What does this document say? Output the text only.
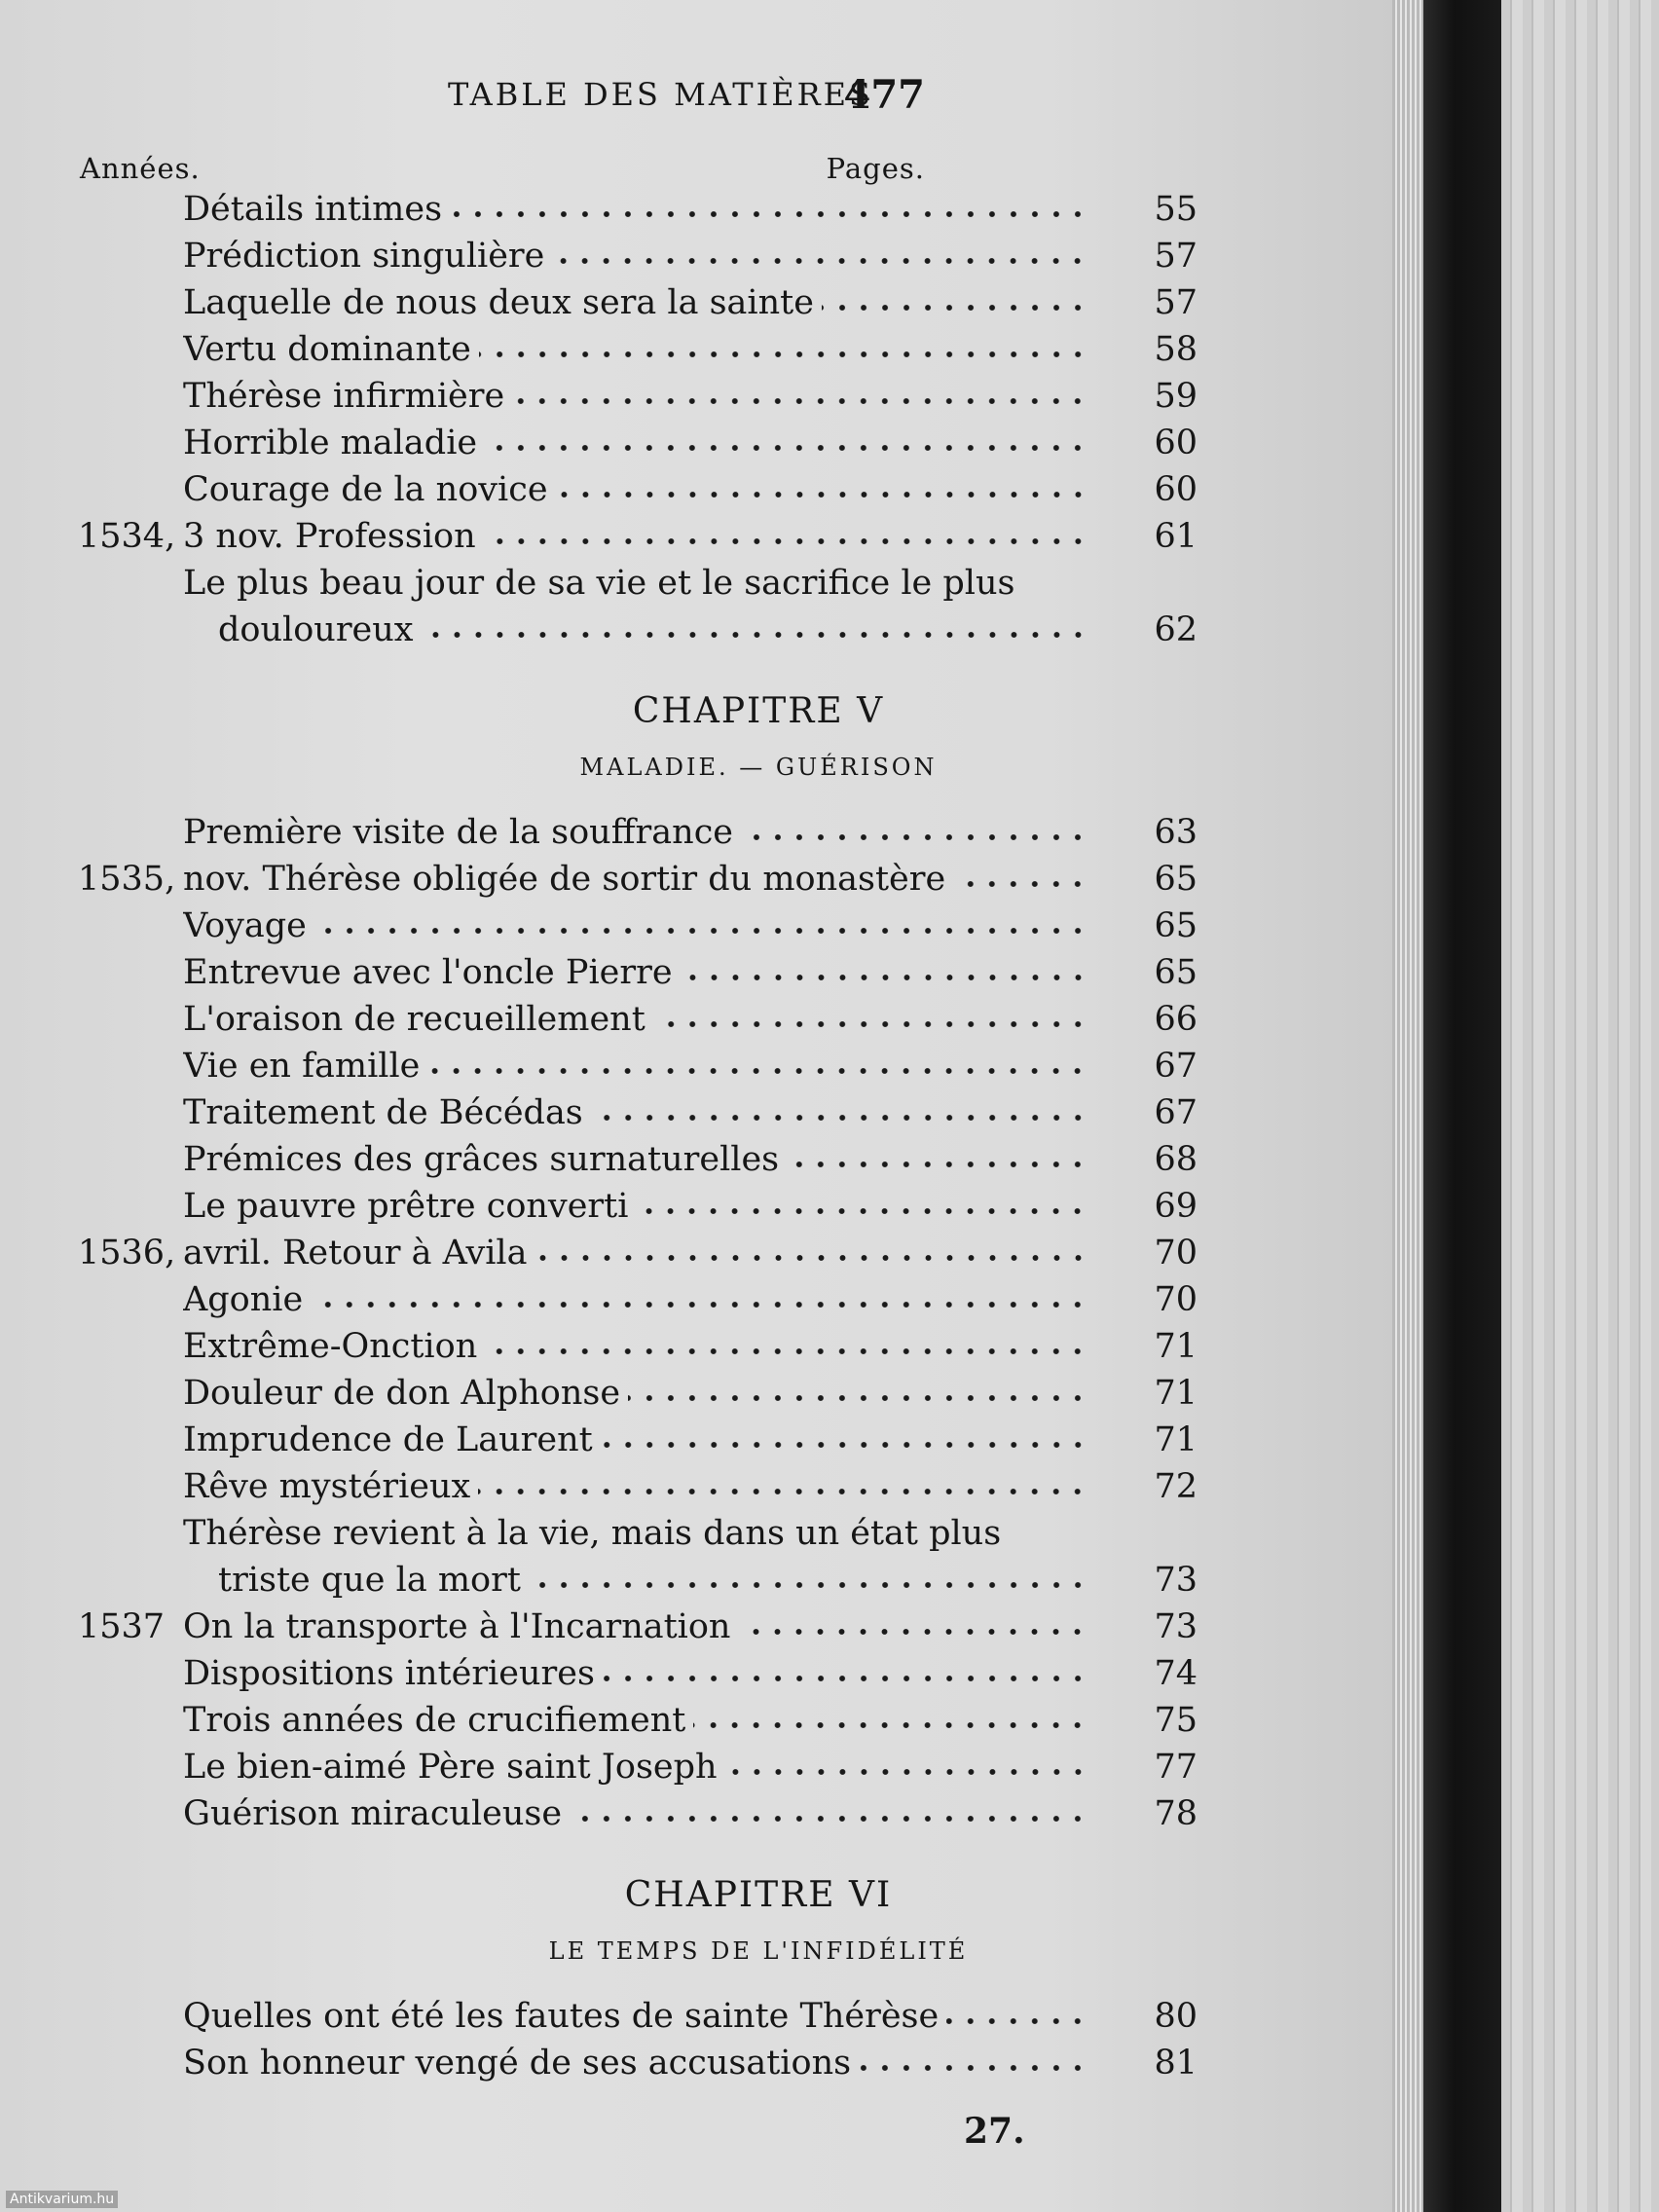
TABLE DES MATIÈRES
477
Années.	Pages.
Détails intimes	55
Prédiction singulière	57
Laquelle de nous deux sera la sainte	57
Vertu dominante	58
Thérèse infirmière	59
Horrible maladie	60
Courage de la novice	60
1534, 3 nov. Profession	61
Le plus beau jour de sa vie et le sacrifice le plus
douloureux	62
CHAPITRE V
MALADIE. — GUÉRISON
Première visite de la souffrance	63
1535, nov. Thérèse obligée de sortir du monastère	65
Voyage	65
Entrevue avec l'oncle Pierre	65
L'oraison de recueillement	66
Vie en famille	67
Traitement de Bécédas	67
Prémices des grâces surnaturelles	68
Le pauvre prêtre converti	69
1536, avril. Retour à Avila	70
Agonie	70
Extrême-Onction	71
Douleur de don Alphonse	71
Imprudence de Laurent	71
Rêve mystérieux	72
Thérèse revient à la vie, mais dans un état plus
triste que la mort	73
1537 On la transporte à l'Incarnation	73
Dispositions intérieures	74
Trois années de crucifiement	75
Le bien-aimé Père saint Joseph	77
Guérison miraculeuse	78
CHAPITRE VI
LE TEMPS DE L'INFIDÉLITÉ
Quelles ont été les fautes de sainte Thérèse	80
Son honneur vengé de ses accusations	81
27.
Antikvarium.hu
